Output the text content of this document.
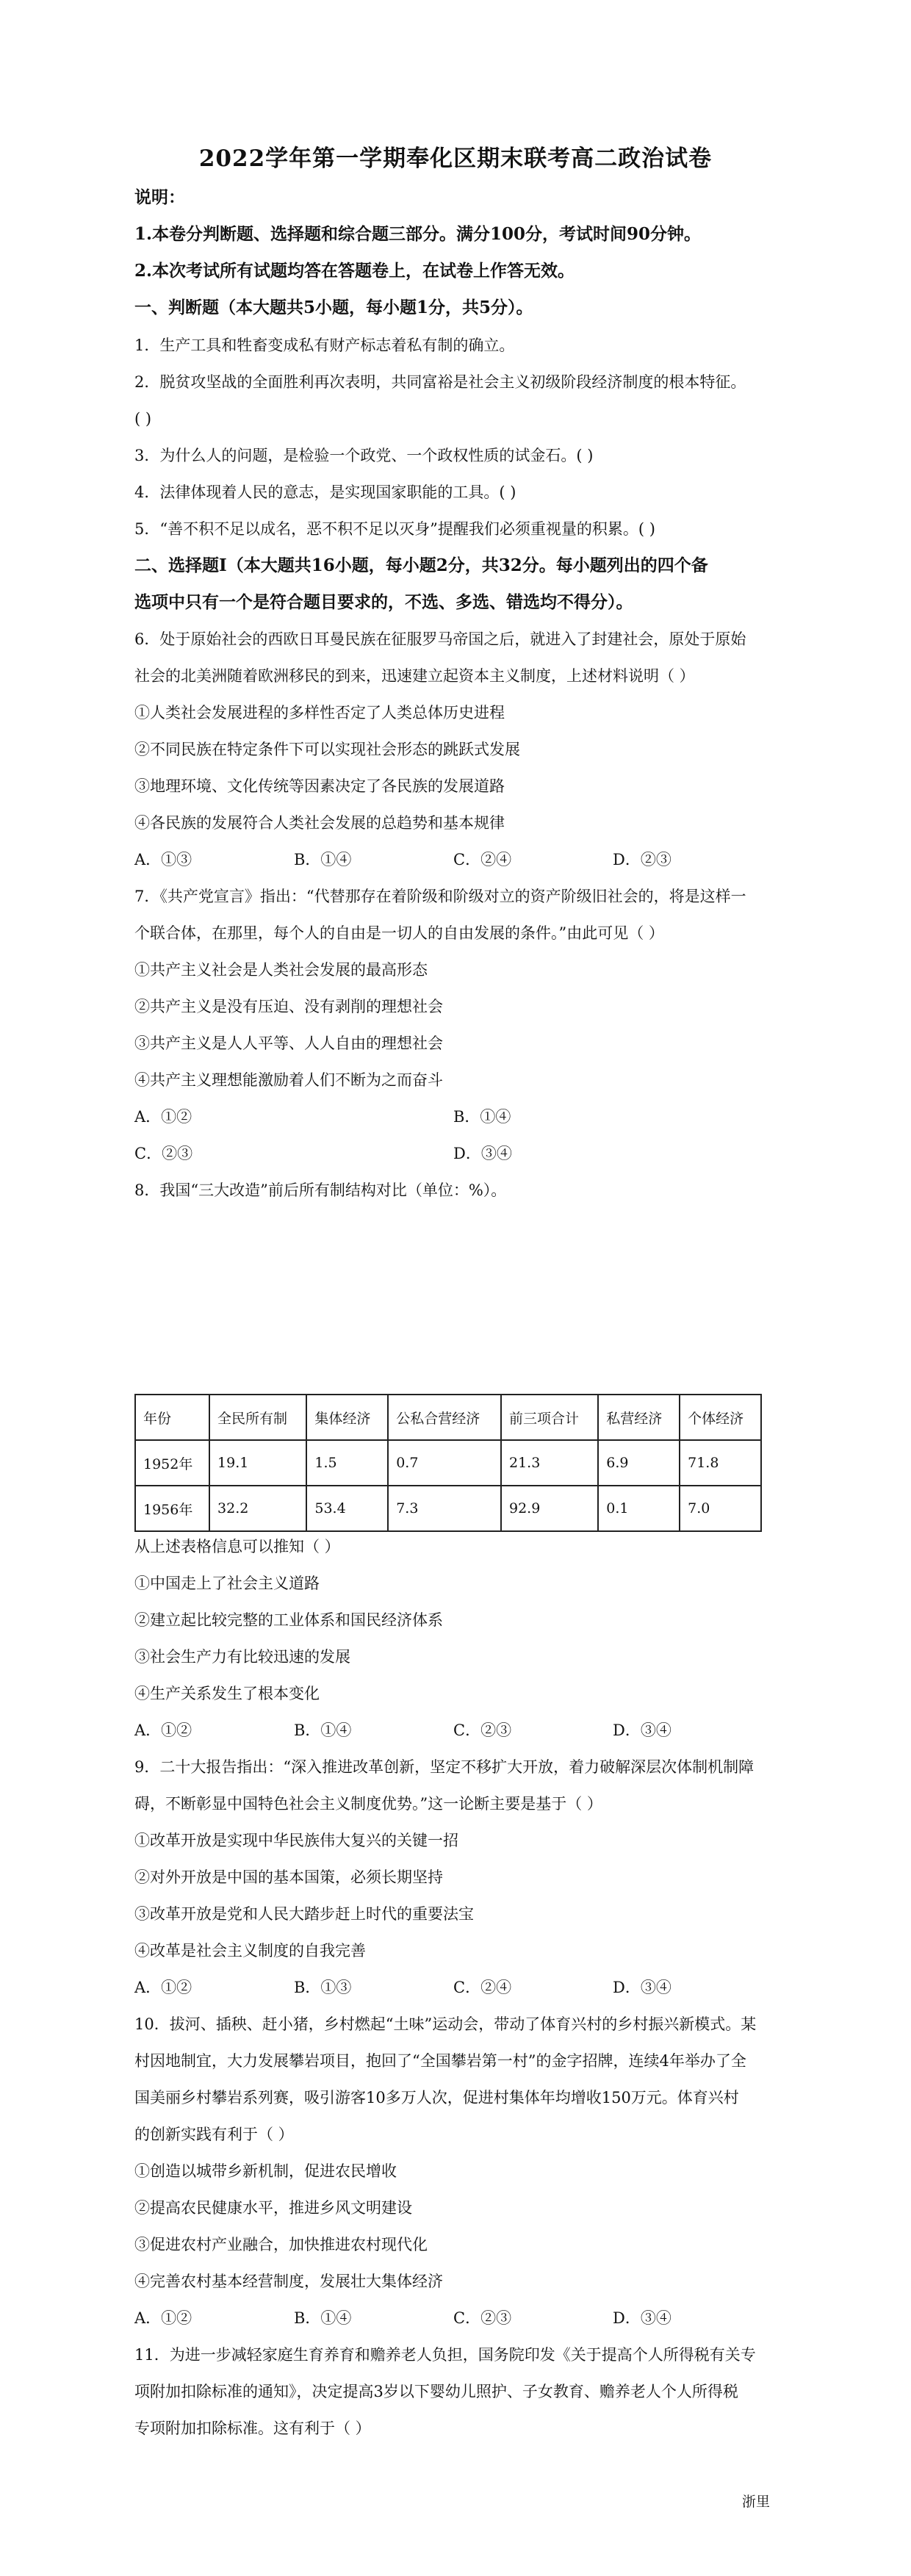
2022学年第一学期奉化区期末联考高二政治试卷
说明：
1.本卷分判断题、选择题和综合题三部分。满分100分，考试时间90分钟。
2.本次考试所有试题均答在答题卷上，在试卷上作答无效。
一、判断题（本大题共5小题，每小题1分，共5分）。
1．生产工具和牲畜变成私有财产标志着私有制的确立。
2．脱贫攻坚战的全面胜利再次表明，共同富裕是社会主义初级阶段经济制度的根本特征。
( )
3．为什么人的问题，是检验一个政党、一个政权性质的试金石。( )
4．法律体现着人民的意志，是实现国家职能的工具。( )
5．“善不积不足以成名，恶不积不足以灭身”提醒我们必须重视量的积累。( )
二、选择题Ⅰ（本大题共16小题，每小题2分，共32分。每小题列出的四个备
选项中只有一个是符合题目要求的，不选、多选、错选均不得分）。
6．处于原始社会的西欧日耳曼民族在征服罗马帝国之后，就进入了封建社会，原处于原始
社会的北美洲随着欧洲移民的到来，迅速建立起资本主义制度，上述材料说明（ ）
①人类社会发展进程的多样性否定了人类总体历史进程
②不同民族在特定条件下可以实现社会形态的跳跃式发展
③地理环境、文化传统等因素决定了各民族的发展道路
④各民族的发展符合人类社会发展的总趋势和基本规律
A．①③	B．①④	C．②④	D．②③
7．《共产党宣言》指出：“代替那存在着阶级和阶级对立的资产阶级旧社会的，将是这样一
个联合体，在那里，每个人的自由是一切人的自由发展的条件。”由此可见（ ）
①共产主义社会是人类社会发展的最高形态
②共产主义是没有压迫、没有剥削的理想社会
③共产主义是人人平等、人人自由的理想社会
④共产主义理想能激励着人们不断为之而奋斗
A．①②	B．①④
C．②③	D．③④
8．我国“三大改造”前后所有制结构对比（单位：%）。
年份	全民所有制	集体经济	公私合营经济	前三项合计	私营经济	个体经济
1952年	19.1	1.5	0.7	21.3	6.9	71.8
1956年	32.2	53.4	7.3	92.9	0.1	7.0
从上述表格信息可以推知（ ）
①中国走上了社会主义道路
②建立起比较完整的工业体系和国民经济体系
③社会生产力有比较迅速的发展
④生产关系发生了根本变化
A．①②	B．①④	C．②③	D．③④
9．二十大报告指出：“深入推进改革创新，坚定不移扩大开放，着力破解深层次体制机制障
碍，不断彰显中国特色社会主义制度优势。”这一论断主要是基于（ ）
①改革开放是实现中华民族伟大复兴的关键一招
②对外开放是中国的基本国策，必须长期坚持
③改革开放是党和人民大踏步赶上时代的重要法宝
④改革是社会主义制度的自我完善
A．①②	B．①③	C．②④	D．③④
10．拔河、插秧、赶小猪，乡村燃起“土味”运动会，带动了体育兴村的乡村振兴新模式。某
村因地制宜，大力发展攀岩项目，抱回了“全国攀岩第一村”的金字招牌，连续4年举办了全
国美丽乡村攀岩系列赛，吸引游客10多万人次，促进村集体年均增收150万元。体育兴村
的创新实践有利于（ ）
①创造以城带乡新机制，促进农民增收
②提高农民健康水平，推进乡风文明建设
③促进农村产业融合，加快推进农村现代化
④完善农村基本经营制度，发展壮大集体经济
A．①②	B．①④	C．②③	D．③④
11．为进一步减轻家庭生育养育和赡养老人负担，国务院印发《关于提高个人所得税有关专
项附加扣除标准的通知》，决定提高3岁以下婴幼儿照护、子女教育、赡养老人个人所得税
专项附加扣除标准。这有利于（ ）
浙里
